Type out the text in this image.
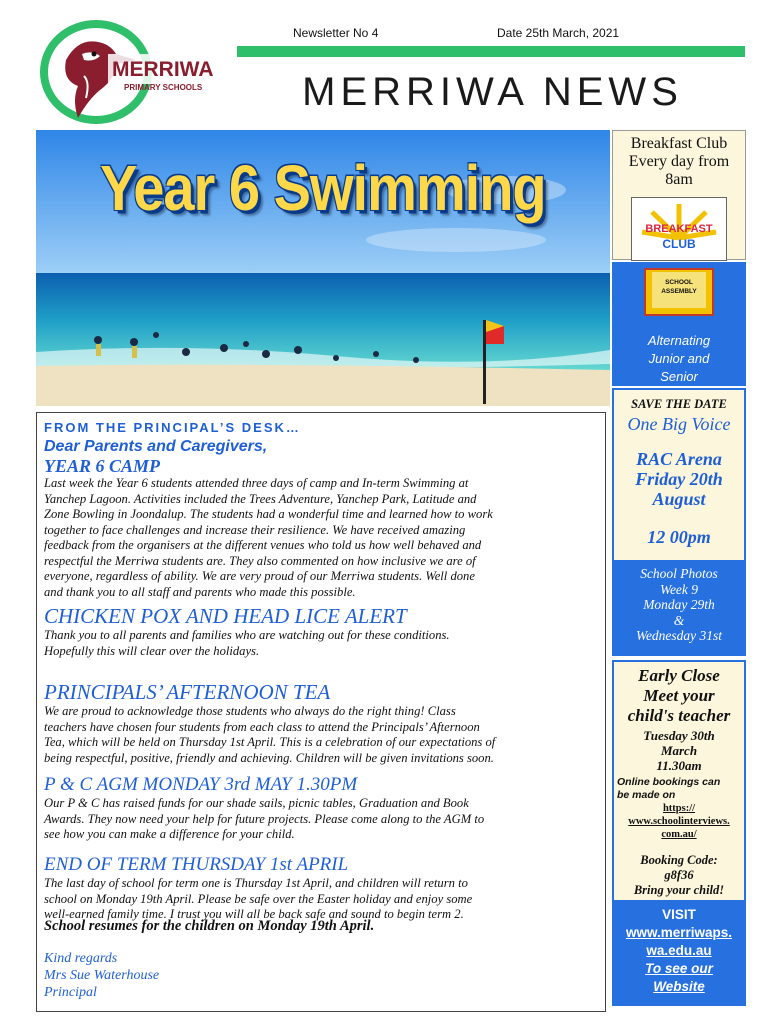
MERRIWA
PRIMARY SCHOOLS
Newsletter No 4	Date 25th March, 2021
MERRIWA NEWS
Year 6 Swimming
FROM THE PRINCIPAL’S DESK…
Dear Parents and Caregivers,
YEAR 6 CAMP
Last week the Year 6 students attended three days of camp and In-term Swimming at
Yanchep Lagoon. Activities included the Trees Adventure, Yanchep Park, Latitude and
Zone Bowling in Joondalup. The students had a wonderful time and learned how to work
together to face challenges and increase their resilience. We have received amazing
feedback from the organisers at the different venues who told us how well behaved and
respectful the Merriwa students are. They also commented on how inclusive we are of
everyone, regardless of ability. We are very proud of our Merriwa students. Well done
and thank you to all staff and parents who made this possible.
CHICKEN POX AND HEAD LICE ALERT
Thank you to all parents and families who are watching out for these conditions.
Hopefully this will clear over the holidays.
PRINCIPALS’ AFTERNOON TEA
We are proud to acknowledge those students who always do the right thing! Class
teachers have chosen four students from each class to attend the Principals’ Afternoon
Tea, which will be held on Thursday 1st April. This is a celebration of our expectations of
being respectful, positive, friendly and achieving. Children will be given invitations soon.
P & C AGM MONDAY 3rd MAY 1.30PM
Our P & C has raised funds for our shade sails, picnic tables, Graduation and Book
Awards. They now need your help for future projects. Please come along to the AGM to
see how you can make a difference for your child.
END OF TERM THURSDAY 1st APRIL
The last day of school for term one is Thursday 1st April, and children will return to
school on Monday 19th April. Please be safe over the Easter holiday and enjoy some
well-earned family time. I trust you will all be back safe and sound to begin term 2.
School resumes for the children on Monday 19th April.
Kind regards
Mrs Sue Waterhouse
Principal
Breakfast Club
Every day from
8am
BREAKFAST
CLUB
SCHOOL
ASSEMBLY
Alternating
Junior and
Senior
SAVE THE DATE
One Big Voice
RAC Arena
Friday 20th
August
12 00pm
School Photos
Week 9
Monday 29th
&
Wednesday 31st
Early Close
Meet your
child's teacher
Tuesday 30th
March
11.30am
Online bookings can
be made on
https://
www.schoolinterviews.
com.au/
Booking Code:
g8f36
Bring your child!
VISIT
www.merriwaps.
wa.edu.au
To see our
Website
